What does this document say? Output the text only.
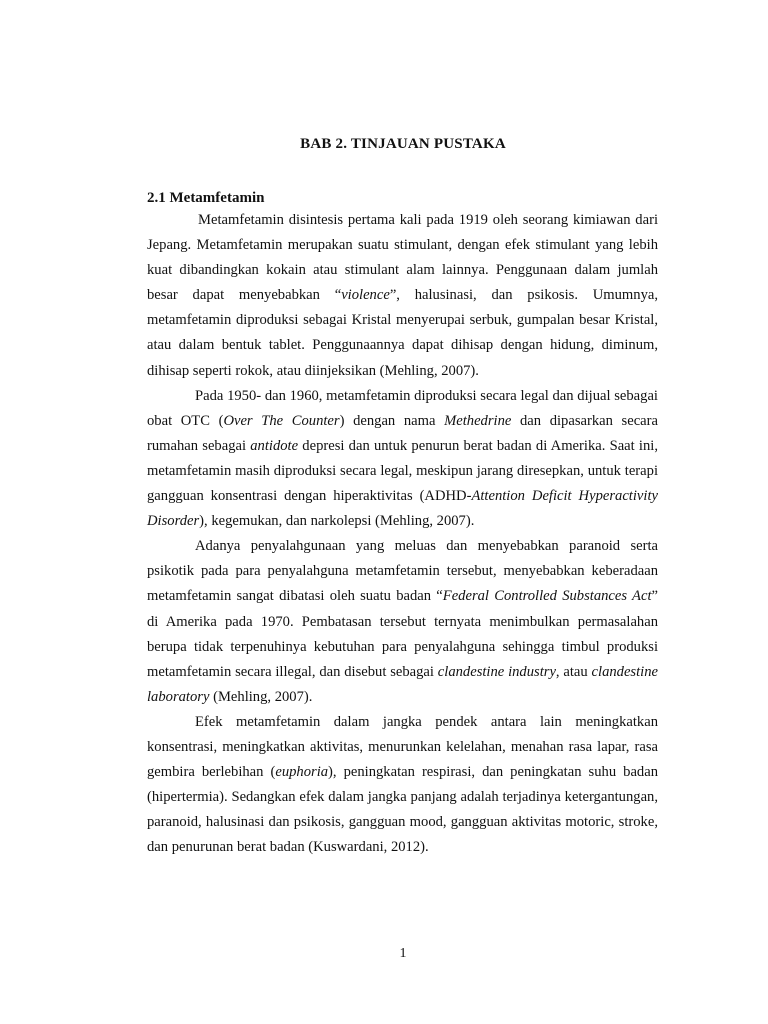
BAB 2. TINJAUAN PUSTAKA
2.1 Metamfetamin

Metamfetamin disintesis pertama kali pada 1919 oleh seorang kimiawan dari Jepang. Metamfetamin merupakan suatu stimulant, dengan efek stimulant yang lebih kuat dibandingkan kokain atau stimulant alam lainnya. Penggunaan dalam jumlah besar dapat menyebabkan “violence”, halusinasi, dan psikosis. Umumnya, metamfetamin diproduksi sebagai Kristal menyerupai serbuk, gumpalan besar Kristal, atau dalam bentuk tablet. Penggunaannya dapat dihisap dengan hidung, diminum, dihisap seperti rokok, atau diinjeksikan (Mehling, 2007).

Pada 1950- dan 1960, metamfetamin diproduksi secara legal dan dijual sebagai obat OTC (Over The Counter) dengan nama Methedrine dan dipasarkan secara rumahan sebagai antidote depresi dan untuk penurun berat badan di Amerika. Saat ini, metamfetamin masih diproduksi secara legal, meskipun jarang diresepkan, untuk terapi gangguan konsentrasi dengan hiperaktivitas (ADHD-Attention Deficit Hyperactivity Disorder), kegemukan, dan narkolepsi (Mehling, 2007).

Adanya penyalahgunaan yang meluas dan menyebabkan paranoid serta psikotik pada para penyalahguna metamfetamin tersebut, menyebabkan keberadaan metamfetamin sangat dibatasi oleh suatu badan “Federal Controlled Substances Act” di Amerika pada 1970. Pembatasan tersebut ternyata menimbulkan permasalahan berupa tidak terpenuhinya kebutuhan para penyalahguna sehingga timbul produksi metamfetamin secara illegal, dan disebut sebagai clandestine industry, atau clandestine laboratory (Mehling, 2007).

Efek metamfetamin dalam jangka pendek antara lain meningkatkan konsentrasi, meningkatkan aktivitas, menurunkan kelelahan, menahan rasa lapar, rasa gembira berlebihan (euphoria), peningkatan respirasi, dan peningkatan suhu badan (hipertermia). Sedangkan efek dalam jangka panjang adalah terjadinya ketergantungan, paranoid, halusinasi dan psikosis, gangguan mood, gangguan aktivitas motoric, stroke, dan penurunan berat badan (Kuswardani, 2012).

1
